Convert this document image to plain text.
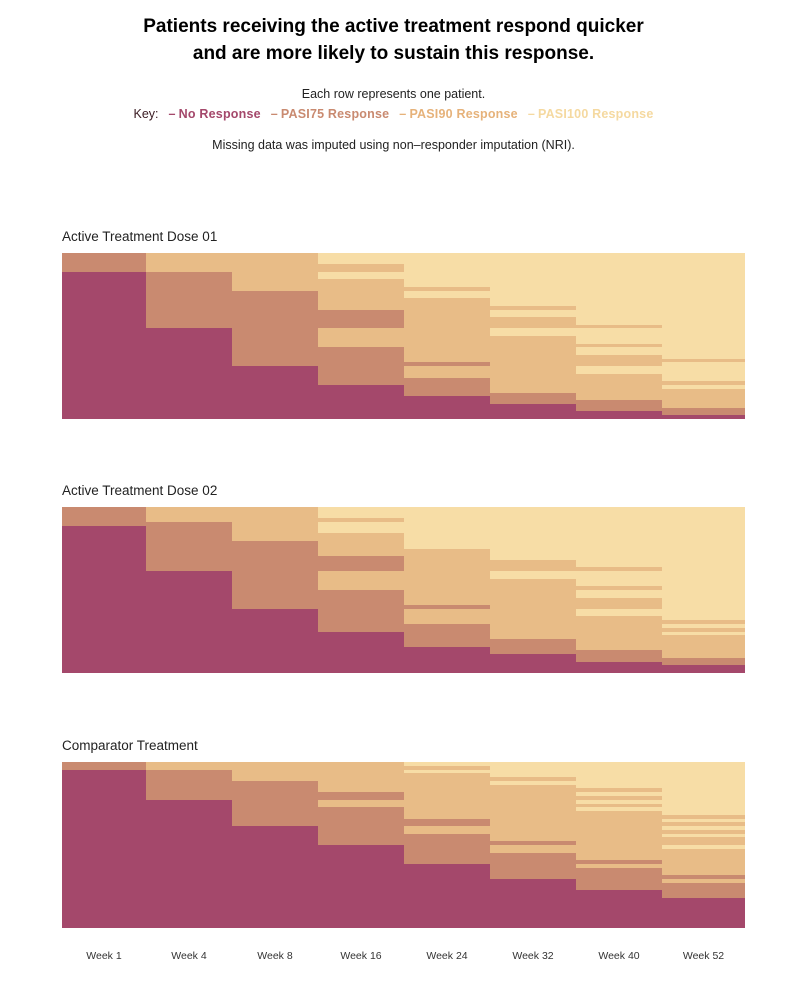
Patients receiving the active treatment respond quicker
and are more likely to sustain this response.
Each row represents one patient.
Key: – No Response – PASI75 Response – PASI90 Response – PASI100 Response
Missing data was imputed using non–responder imputation (NRI).
Active Treatment Dose 01
Active Treatment Dose 02
Comparator Treatment
Week 1	Week 4	Week 8	Week 16	Week 24	Week 32	Week 40	Week 52
